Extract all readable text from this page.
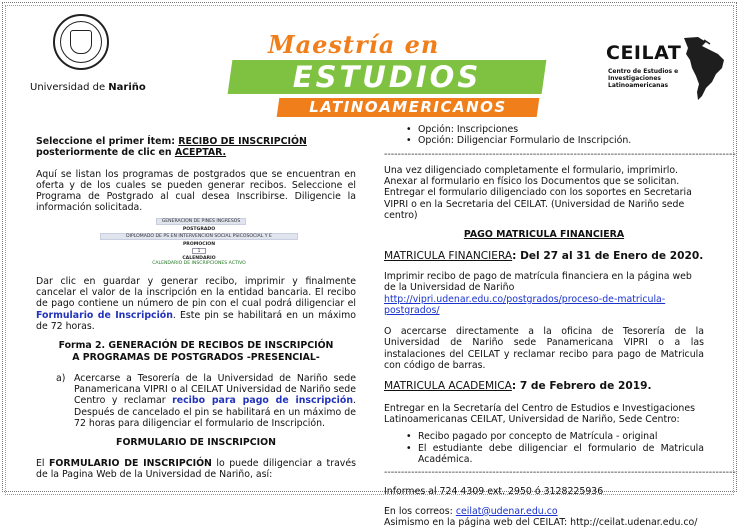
Universidad de Nariño
Maestría en
ESTUDIOS
LATINOAMERICANOS
CEILAT
Centro de Estudios e Investigaciones Latinoamericanas

Seleccione el primer Ítem: RECIBO DE INSCRIPCIÓN posteriormente de clic en ACEPTAR.

Aquí se listan los programas de postgrados que se encuentran en oferta y de los cuales se pueden generar recibos. Seleccione el Programa de Postgrado al cual desea Inscribirse. Diligencie la información solicitada.

GENERACION DE PINES INGRESOS
POSTGRADO
DIPLOMADO DE PS EN INTERVENCION SOCIAL PSICOSOCIAL Y E
PROMOCION
1
CALENDARIO
CALENDARIO DE INSCRIPCIONES ACTIVO

Dar clic en guardar y generar recibo, imprimir y finalmente cancelar el valor de la inscripción en la entidad bancaria. El recibo de pago contiene un número de pin con el cual podrá diligenciar el Formulario de Inscripción. Este pin se habilitará en un máximo de 72 horas.

Forma 2. GENERACIÓN DE RECIBOS DE INSCRIPCIÓN A PROGRAMAS DE POSTGRADOS -PRESENCIAL-

a) Acercarse a Tesorería de la Universidad de Nariño sede Panamericana VIPRI o al CEILAT Universidad de Nariño sede Centro y reclamar recibo para pago de inscripción. Después de cancelado el pin se habilitará en un máximo de 72 horas para diligenciar el formulario de Inscripción.

FORMULARIO DE INSCRIPCION

El FORMULARIO DE INSCRIPCIÓN lo puede diligenciar a través de la Pagina Web de la Universidad de Nariño, así:

• Opción: Inscripciones
• Opción: Diligenciar Formulario de Inscripción.
--------------------------------------------------------------------------------------------------------

Una vez diligenciado completamente el formulario, imprimirlo. Anexar al formulario en físico los Documentos que se solicitan. Entregar el formulario diligenciado con los soportes en Secretaria VIPRI o en la Secretaria del CEILAT. (Universidad de Nariño sede centro)

PAGO MATRICULA FINANCIERA

MATRICULA FINANCIERA: Del 27 al 31 de Enero de 2020.

Imprimir recibo de pago de matrícula financiera en la página web de la Universidad de Nariño http://vipri.udenar.edu.co/postgrados/proceso-de-matricula-postgrados/

O acercarse directamente a la oficina de Tesorería de la Universidad de Nariño sede Panamericana VIPRI o a las instalaciones del CEILAT y reclamar recibo para pago de Matricula con código de barras.

MATRICULA ACADEMICA: 7 de Febrero de 2019.

Entregar en la Secretaría del Centro de Estudios e Investigaciones Latinoamericanas CEILAT, Universidad de Nariño, Sede Centro:

• Recibo pagado por concepto de Matrícula - original
• El estudiante debe diligenciar el formulario de Matricula Académica.
--------------------------------------------------------------------------------------------------------

Informes al 724 4309 ext. 2950 ó 3128225936

En los correos: ceilat@udenar.edu.co

Asimismo en la página web del CEILAT: http://ceilat.udenar.edu.co/
